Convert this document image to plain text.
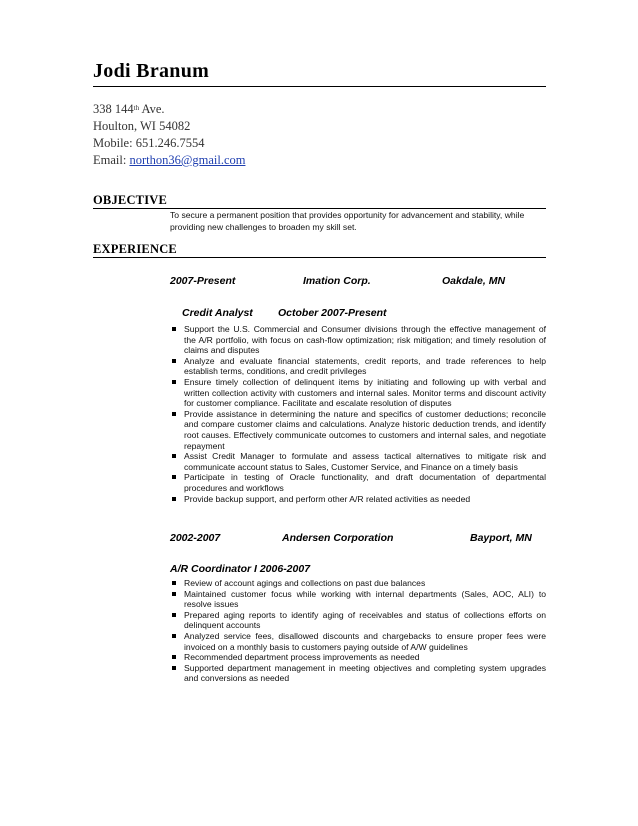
Jodi Branum
338 144th Ave.
Houlton, WI 54082
Mobile: 651.246.7554
Email: northon36@gmail.com
OBJECTIVE
To secure a permanent position that provides opportunity for advancement and stability, while providing new challenges to broaden my skill set.
EXPERIENCE
2007-Present	Imation Corp.	Oakdale, MN
Credit Analyst October 2007-Present
Support the U.S. Commercial and Consumer divisions through the effective management of the A/R portfolio, with focus on cash-flow optimization; risk mitigation; and timely resolution of claims and disputes
Analyze and evaluate financial statements, credit reports, and trade references to help establish terms, conditions, and credit privileges
Ensure timely collection of delinquent items by initiating and following up with verbal and written collection activity with customers and internal sales. Monitor terms and discount activity for customer compliance. Facilitate and escalate resolution of disputes
Provide assistance in determining the nature and specifics of customer deductions; reconcile and compare customer claims and calculations. Analyze historic deduction trends, and identify root causes. Effectively communicate outcomes to customers and internal sales, and negotiate repayment
Assist Credit Manager to formulate and assess tactical alternatives to mitigate risk and communicate account status to Sales, Customer Service, and Finance on a timely basis
Participate in testing of Oracle functionality, and draft documentation of departmental procedures and workflows
Provide backup support, and perform other A/R related activities as needed
2002-2007	Andersen Corporation	Bayport, MN
A/R Coordinator I 2006-2007
Review of account agings and collections on past due balances
Maintained customer focus while working with internal departments (Sales, AOC, ALI) to resolve issues
Prepared aging reports to identify aging of receivables and status of collections efforts on delinquent accounts
Analyzed service fees, disallowed discounts and chargebacks to ensure proper fees were invoiced on a monthly basis to customers paying outside of A/W guidelines
Recommended department process improvements as needed
Supported department management in meeting objectives and completing system upgrades and conversions as needed
